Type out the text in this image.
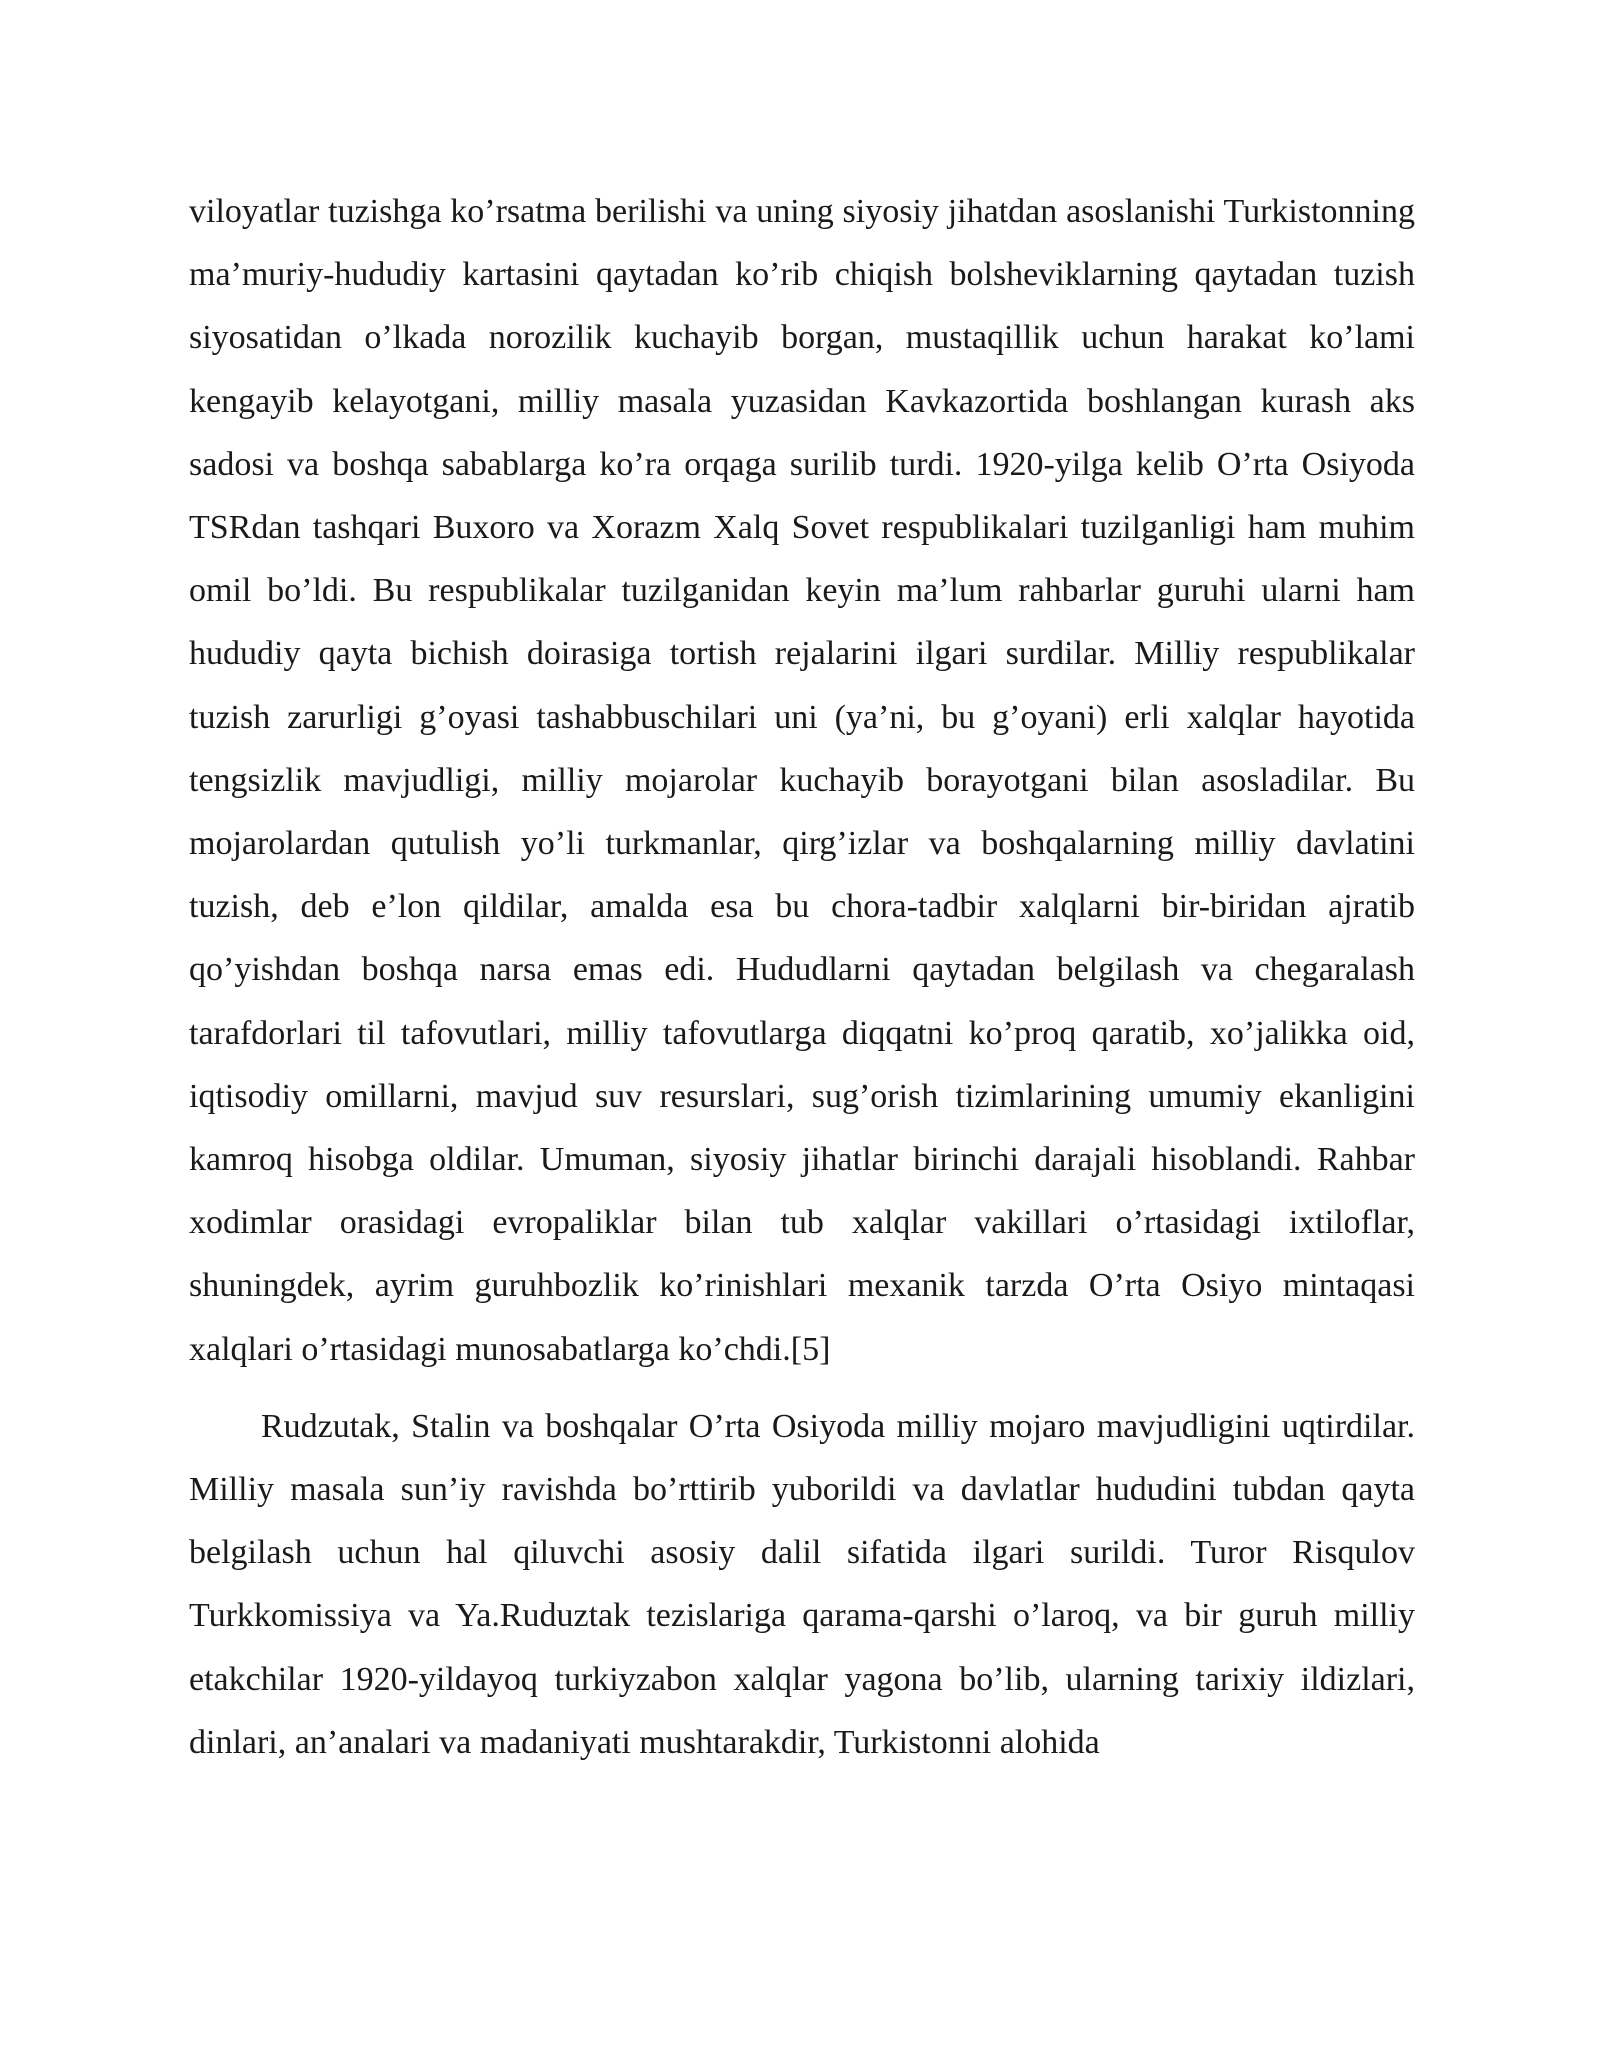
viloyatlar tuzishga ko’rsatma berilishi va uning siyosiy jihatdan asoslanishi Turkistonning ma’muriy-hududiy kartasini qaytadan ko’rib chiqish bolsheviklarning qaytadan tuzish siyosatidan o’lkada norozilik kuchayib borgan, mustaqillik uchun harakat ko’lami kengayib kelayotgani, milliy masala yuzasidan Kavkazortida boshlangan kurash aks sadosi va boshqa sabablarga ko’ra orqaga surilib turdi. 1920-yilga kelib O’rta Osiyoda TSRdan tashqari Buxoro va Xorazm Xalq Sovet respublikalari tuzilganligi ham muhim omil bo’ldi. Bu respublikalar tuzilganidan keyin ma’lum rahbarlar guruhi ularni ham hududiy qayta bichish doirasiga tortish rejalarini ilgari surdilar. Milliy respublikalar tuzish zarurligi g’oyasi tashabbuschilari uni (ya’ni, bu g’oyani) erli xalqlar hayotida tengsizlik mavjudligi, milliy mojarolar kuchayib borayotgani bilan asosladilar. Bu mojarolardan qutulish yo’li turkmanlar, qirg’izlar va boshqalarning milliy davlatini tuzish, deb e’lon qildilar, amalda esa bu chora-tadbir xalqlarni bir-biridan ajratib qo’yishdan boshqa narsa emas edi. Hududlarni qaytadan belgilash va chegaralash tarafdorlari til tafovutlari, milliy tafovutlarga diqqatni ko’proq qaratib, xo’jalikka oid, iqtisodiy omillarni, mavjud suv resurslari, sug’orish tizimlarining umumiy ekanligini kamroq hisobga oldilar. Umuman, siyosiy jihatlar birinchi darajali hisoblandi. Rahbar xodimlar orasidagi evropaliklar bilan tub xalqlar vakillari o’rtasidagi ixtiloflar, shuningdek, ayrim guruhbozlik ko’rinishlari mexanik tarzda O’rta Osiyo mintaqasi xalqlari o’rtasidagi munosabatlarga ko’chdi.[5]

Rudzutak, Stalin va boshqalar O’rta Osiyoda milliy mojaro mavjudligini uqtirdilar. Milliy masala sun’iy ravishda bo’rttirib yuborildi va davlatlar hududini tubdan qayta belgilash uchun hal qiluvchi asosiy dalil sifatida ilgari surildi. Turor Risqulov Turkkomissiya va Ya.Ruduztak tezislariga qarama-qarshi o’laroq, va bir guruh milliy etakchilar 1920-yildayoq turkiyzabon xalqlar yagona bo’lib, ularning tarixiy ildizlari, dinlari, an’analari va madaniyati mushtarakdir, Turkistonni alohida
